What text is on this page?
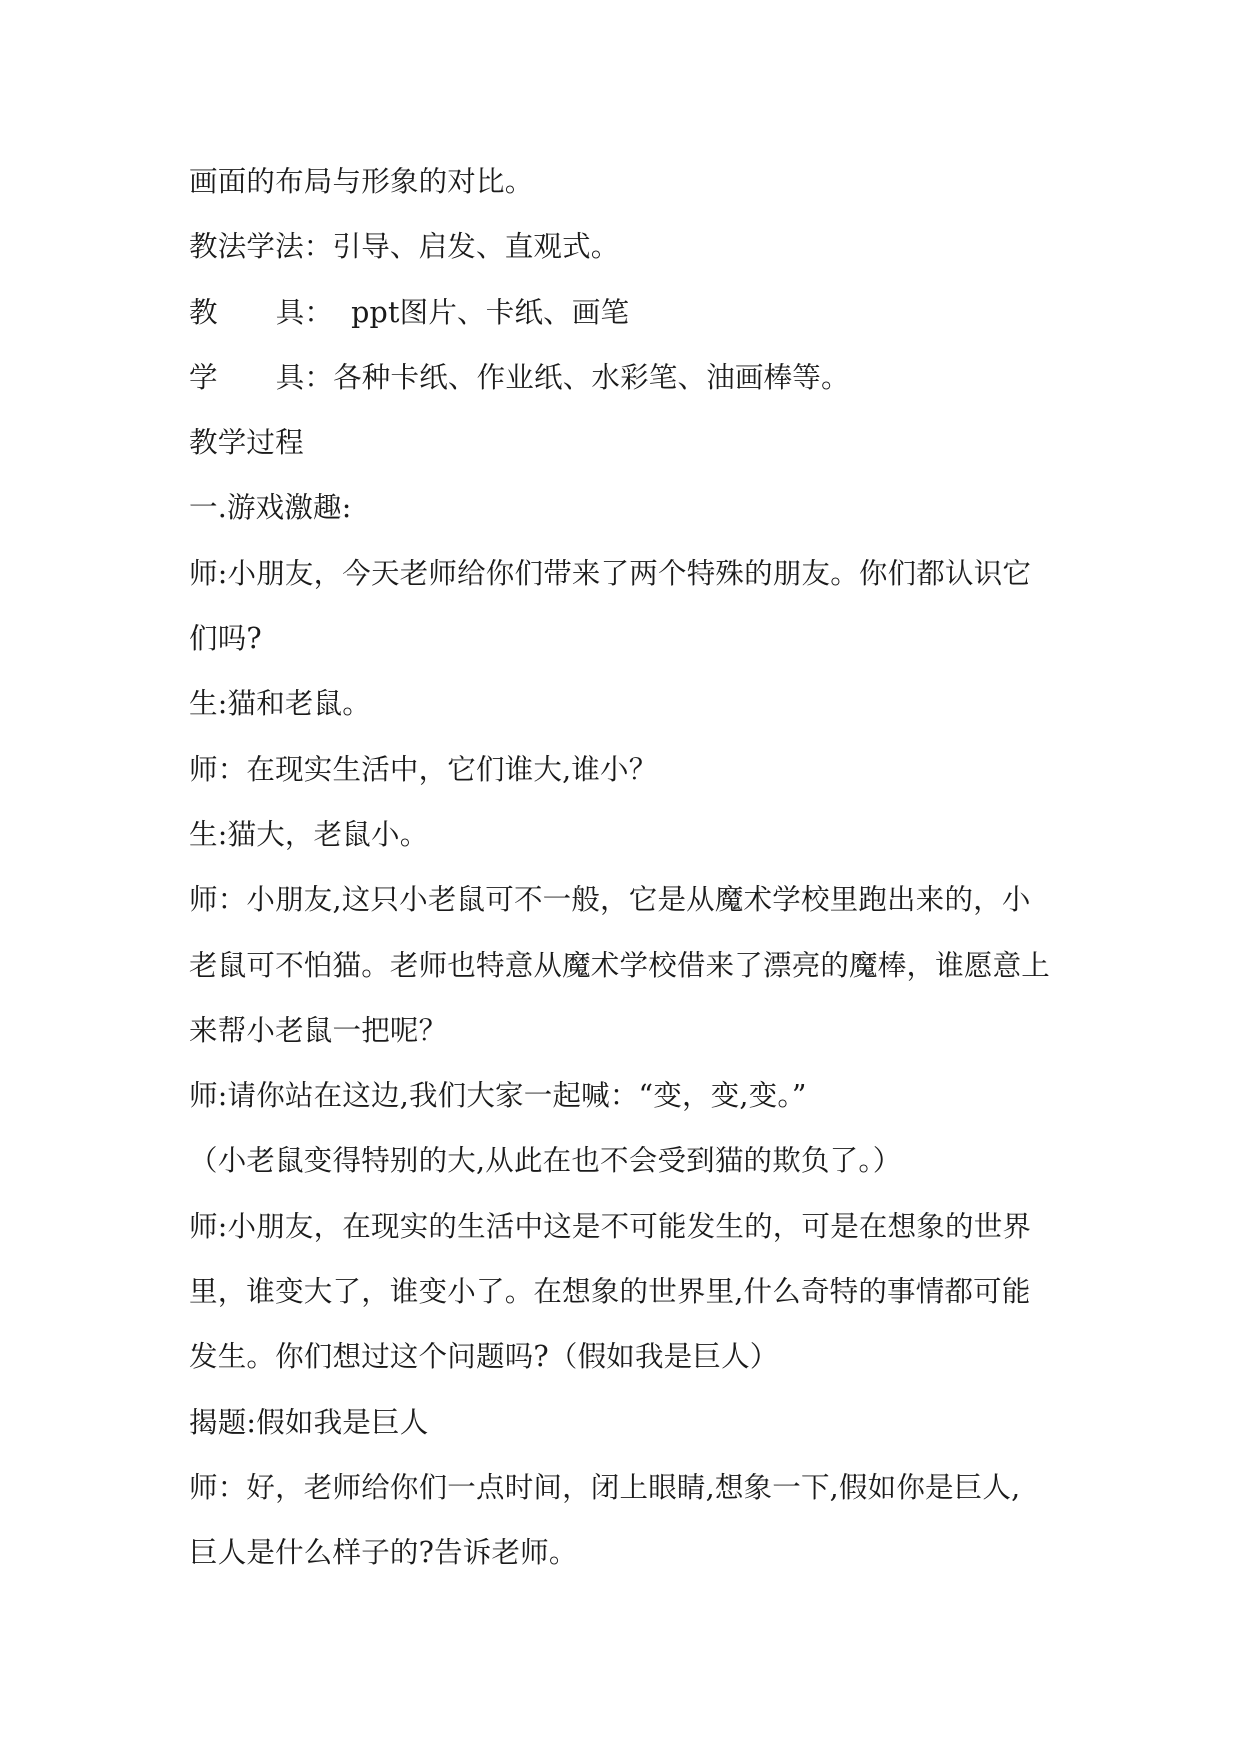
画面的布局与形象的对比。
教法学法：引导、启发、直观式。
教 具： ppt图片、卡纸、画笔
学 具：各种卡纸、作业纸、水彩笔、油画棒等。
教学过程
一.游戏激趣:
师:小朋友，今天老师给你们带来了两个特殊的朋友。你们都认识它
们吗?
生:猫和老鼠。
师：在现实生活中，它们谁大,谁小？
生:猫大，老鼠小。
师：小朋友,这只小老鼠可不一般，它是从魔术学校里跑出来的，小
老鼠可不怕猫。老师也特意从魔术学校借来了漂亮的魔棒，谁愿意上
来帮小老鼠一把呢？
师:请你站在这边,我们大家一起喊：“变，变,变。”
（小老鼠变得特别的大,从此在也不会受到猫的欺负了。）
师:小朋友，在现实的生活中这是不可能发生的，可是在想象的世界
里，谁变大了，谁变小了。在想象的世界里,什么奇特的事情都可能
发生。你们想过这个问题吗?（假如我是巨人）
揭题:假如我是巨人
师：好，老师给你们一点时间，闭上眼睛,想象一下,假如你是巨人,
巨人是什么样子的?告诉老师。
